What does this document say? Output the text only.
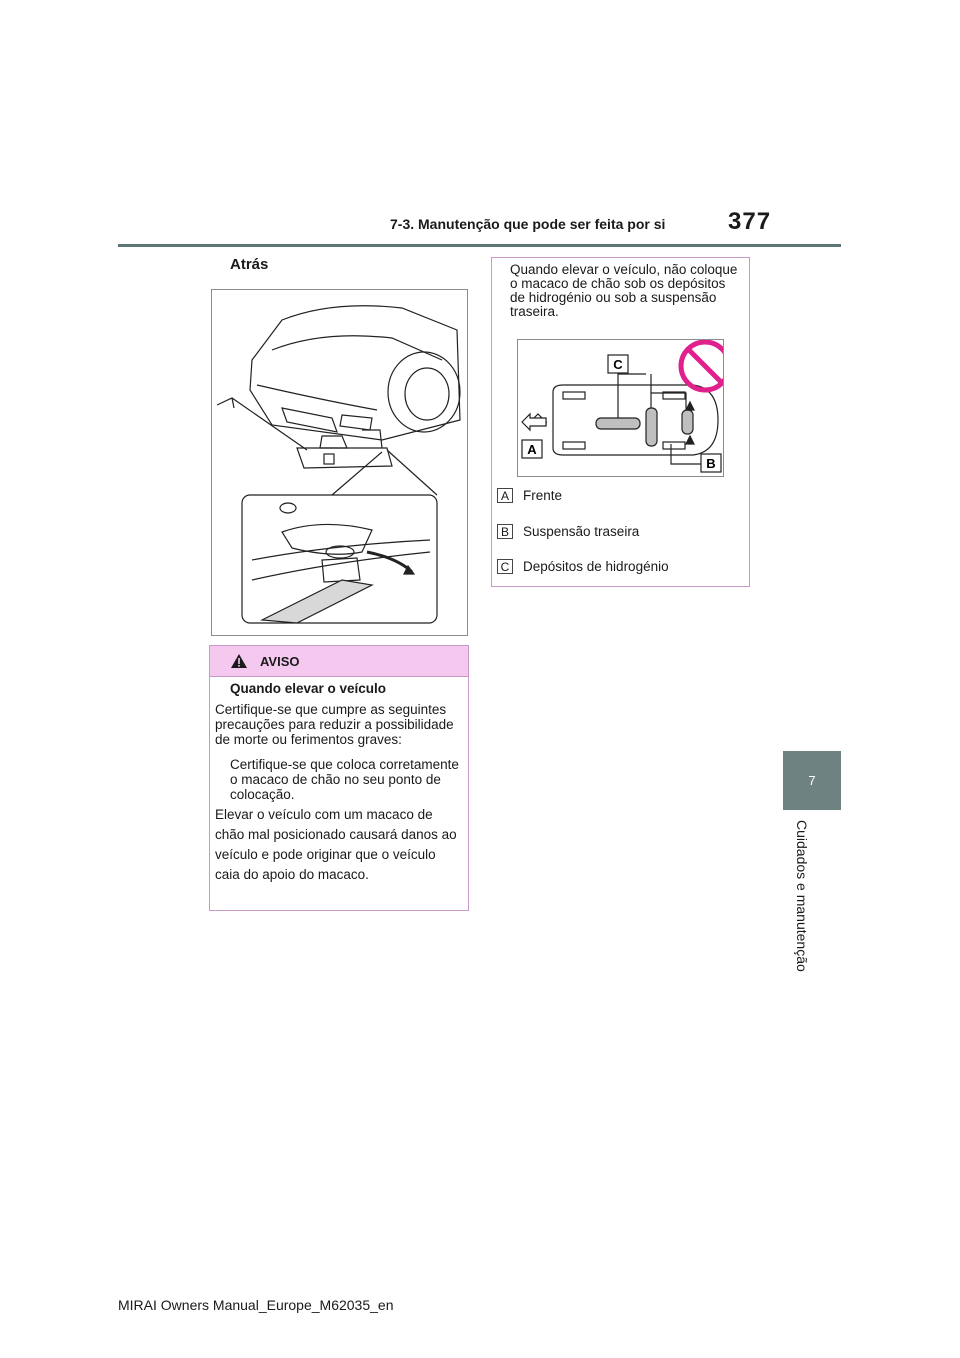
7-3. Manutenção que pode ser feita por si	377
7
Cuidados e manutenção
Atrás
AVISO
Quando elevar o veículo
Certifique-se que cumpre as seguintes precauções para reduzir a possibilidade de morte ou ferimentos graves:
Certifique-se que coloca corretamente o macaco de chão no seu ponto de colocação.
Elevar o veículo com um macaco de chão mal posicionado causará danos ao veículo e pode originar que o veículo caia do apoio do macaco.
Quando elevar o veículo, não coloque o macaco de chão sob os depósitos de hidrogénio ou sob a suspensão traseira.
C
A
B
A Frente
B Suspensão traseira
C Depósitos de hidrogénio
MIRAI Owners Manual_Europe_M62035_en
